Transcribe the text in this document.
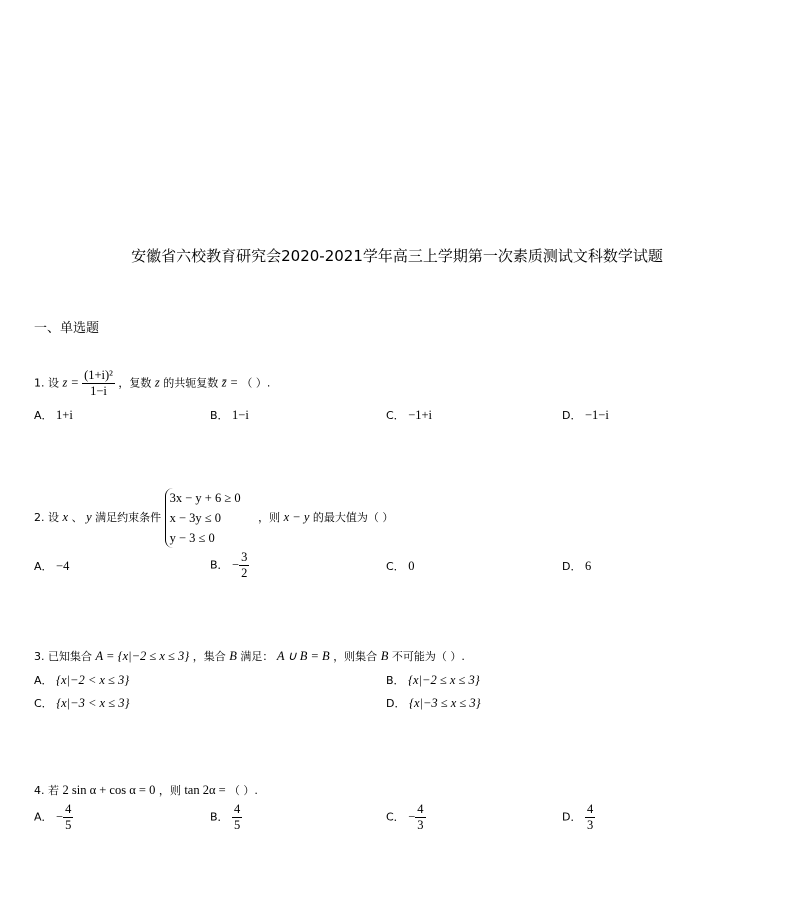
安徽省六校教育研究会2020-2021学年高三上学期第一次素质测试文科数学试题
一、单选题
1. 设 $z = \frac{\text{(1+i)²}}{1-i}$ ，复数 z 的共轭复数 z̄ = （ ）.
A． 1+i	B． 1−i	C． −1+i	D． −1−i
2. 设 x 、 y 满足约束条件
3x − y + 6 ≥ 0
x − 3y ≤ 0
y − 3 ≤ 0
，则 x − y 的最大值为（ ）
A． −4	B． − $\frac{3}{2}$	C． 0	D． 6
3. 已知集合 A = {x|−2 ≤ x ≤ 3} ，集合 B 满足： A ∪ B = B ，则集合 B 不可能为（ ）.
A． {x|−2 < x ≤ 3}	B． {x|−2 ≤ x ≤ 3}
C． {x|−3 < x ≤ 3}	D． {x|−3 ≤ x ≤ 3}
4. 若 2 sin α + cos α = 0 ，则 tan 2α = （ ）.
A． − $\frac{4}{5}$	B． $\frac{4}{5}$	C． − $\frac{4}{3}$	D． $\frac{4}{3}$
